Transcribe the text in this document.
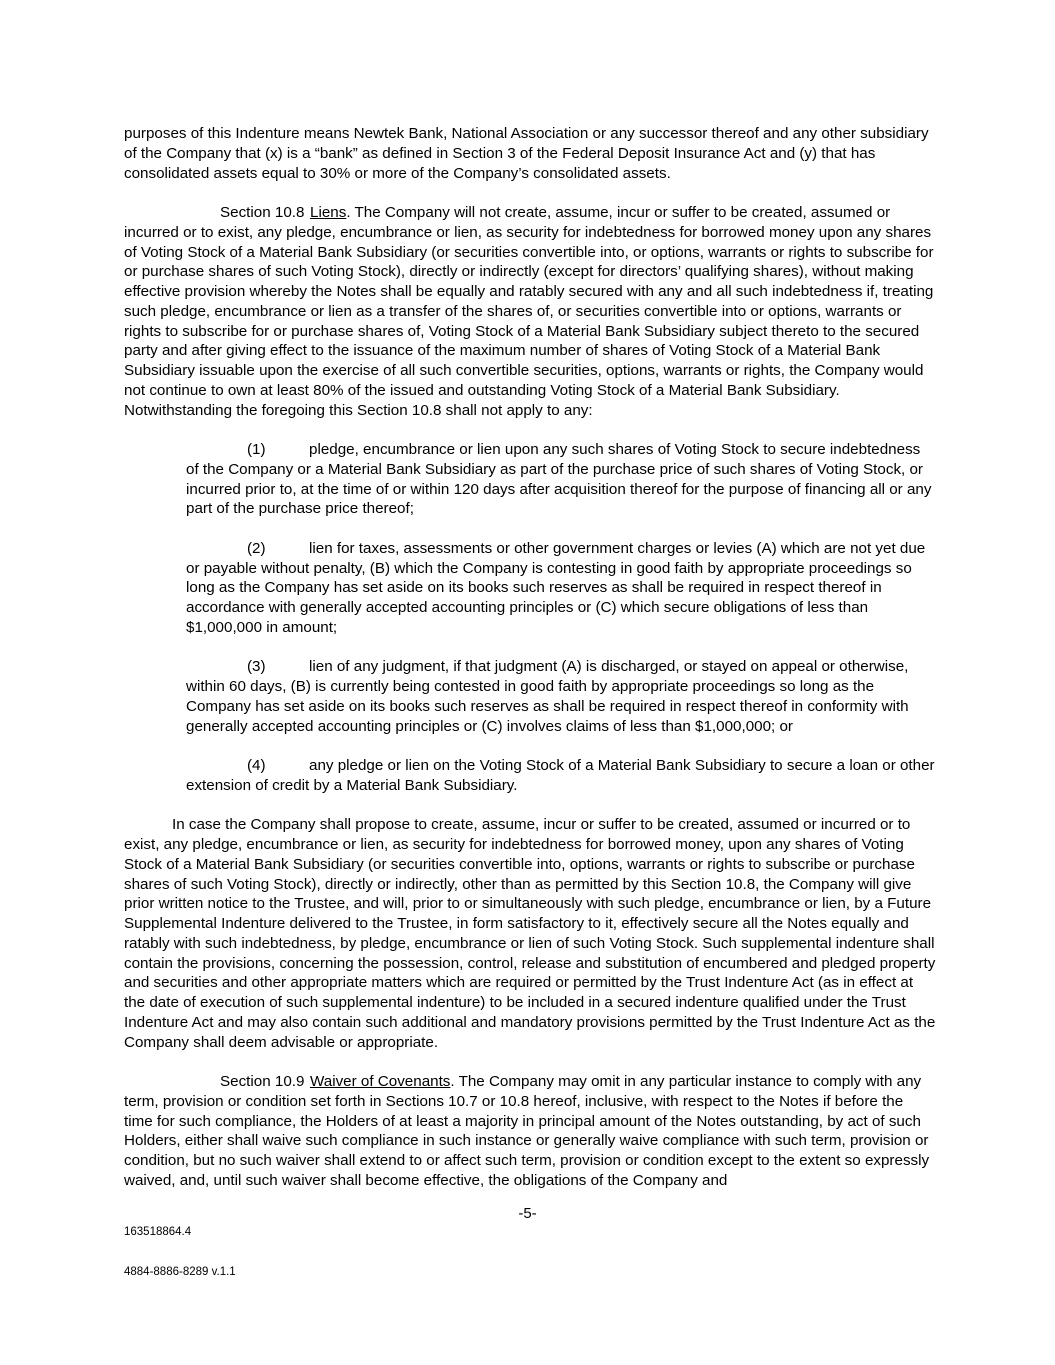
purposes of this Indenture means Newtek Bank, National Association or any successor thereof and any other subsidiary of the Company that (x) is a “bank” as defined in Section 3 of the Federal Deposit Insurance Act and (y) that has consolidated assets equal to 30% or more of the Company’s consolidated assets.

Section 10.8 Liens. The Company will not create, assume, incur or suffer to be created, assumed or incurred or to exist, any pledge, encumbrance or lien, as security for indebtedness for borrowed money upon any shares of Voting Stock of a Material Bank Subsidiary (or securities convertible into, or options, warrants or rights to subscribe for or purchase shares of such Voting Stock), directly or indirectly (except for directors’ qualifying shares), without making effective provision whereby the Notes shall be equally and ratably secured with any and all such indebtedness if, treating such pledge, encumbrance or lien as a transfer of the shares of, or securities convertible into or options, warrants or rights to subscribe for or purchase shares of, Voting Stock of a Material Bank Subsidiary subject thereto to the secured party and after giving effect to the issuance of the maximum number of shares of Voting Stock of a Material Bank Subsidiary issuable upon the exercise of all such convertible securities, options, warrants or rights, the Company would not continue to own at least 80% of the issued and outstanding Voting Stock of a Material Bank Subsidiary. Notwithstanding the foregoing this Section 10.8 shall not apply to any:

(1)	pledge, encumbrance or lien upon any such shares of Voting Stock to secure indebtedness of the Company or a Material Bank Subsidiary as part of the purchase price of such shares of Voting Stock, or incurred prior to, at the time of or within 120 days after acquisition thereof for the purpose of financing all or any part of the purchase price thereof;

(2)	lien for taxes, assessments or other government charges or levies (A) which are not yet due or payable without penalty, (B) which the Company is contesting in good faith by appropriate proceedings so long as the Company has set aside on its books such reserves as shall be required in respect thereof in accordance with generally accepted accounting principles or (C) which secure obligations of less than $1,000,000 in amount;

(3)	lien of any judgment, if that judgment (A) is discharged, or stayed on appeal or otherwise, within 60 days, (B) is currently being contested in good faith by appropriate proceedings so long as the Company has set aside on its books such reserves as shall be required in respect thereof in conformity with generally accepted accounting principles or (C) involves claims of less than $1,000,000; or

(4)	any pledge or lien on the Voting Stock of a Material Bank Subsidiary to secure a loan or other extension of credit by a Material Bank Subsidiary.

In case the Company shall propose to create, assume, incur or suffer to be created, assumed or incurred or to exist, any pledge, encumbrance or lien, as security for indebtedness for borrowed money, upon any shares of Voting Stock of a Material Bank Subsidiary (or securities convertible into, options, warrants or rights to subscribe or purchase shares of such Voting Stock), directly or indirectly, other than as permitted by this Section 10.8, the Company will give prior written notice to the Trustee, and will, prior to or simultaneously with such pledge, encumbrance or lien, by a Future Supplemental Indenture delivered to the Trustee, in form satisfactory to it, effectively secure all the Notes equally and ratably with such indebtedness, by pledge, encumbrance or lien of such Voting Stock. Such supplemental indenture shall contain the provisions, concerning the possession, control, release and substitution of encumbered and pledged property and securities and other appropriate matters which are required or permitted by the Trust Indenture Act (as in effect at the date of execution of such supplemental indenture) to be included in a secured indenture qualified under the Trust Indenture Act and may also contain such additional and mandatory provisions permitted by the Trust Indenture Act as the Company shall deem advisable or appropriate.

Section 10.9 Waiver of Covenants. The Company may omit in any particular instance to comply with any term, provision or condition set forth in Sections 10.7 or 10.8 hereof, inclusive, with respect to the Notes if before the time for such compliance, the Holders of at least a majority in principal amount of the Notes outstanding, by act of such Holders, either shall waive such compliance in such instance or generally waive compliance with such term, provision or condition, but no such waiver shall extend to or affect such term, provision or condition except to the extent so expressly waived, and, until such waiver shall become effective, the obligations of the Company and

-5-
163518864.4
4884-8886-8289 v.1.1
